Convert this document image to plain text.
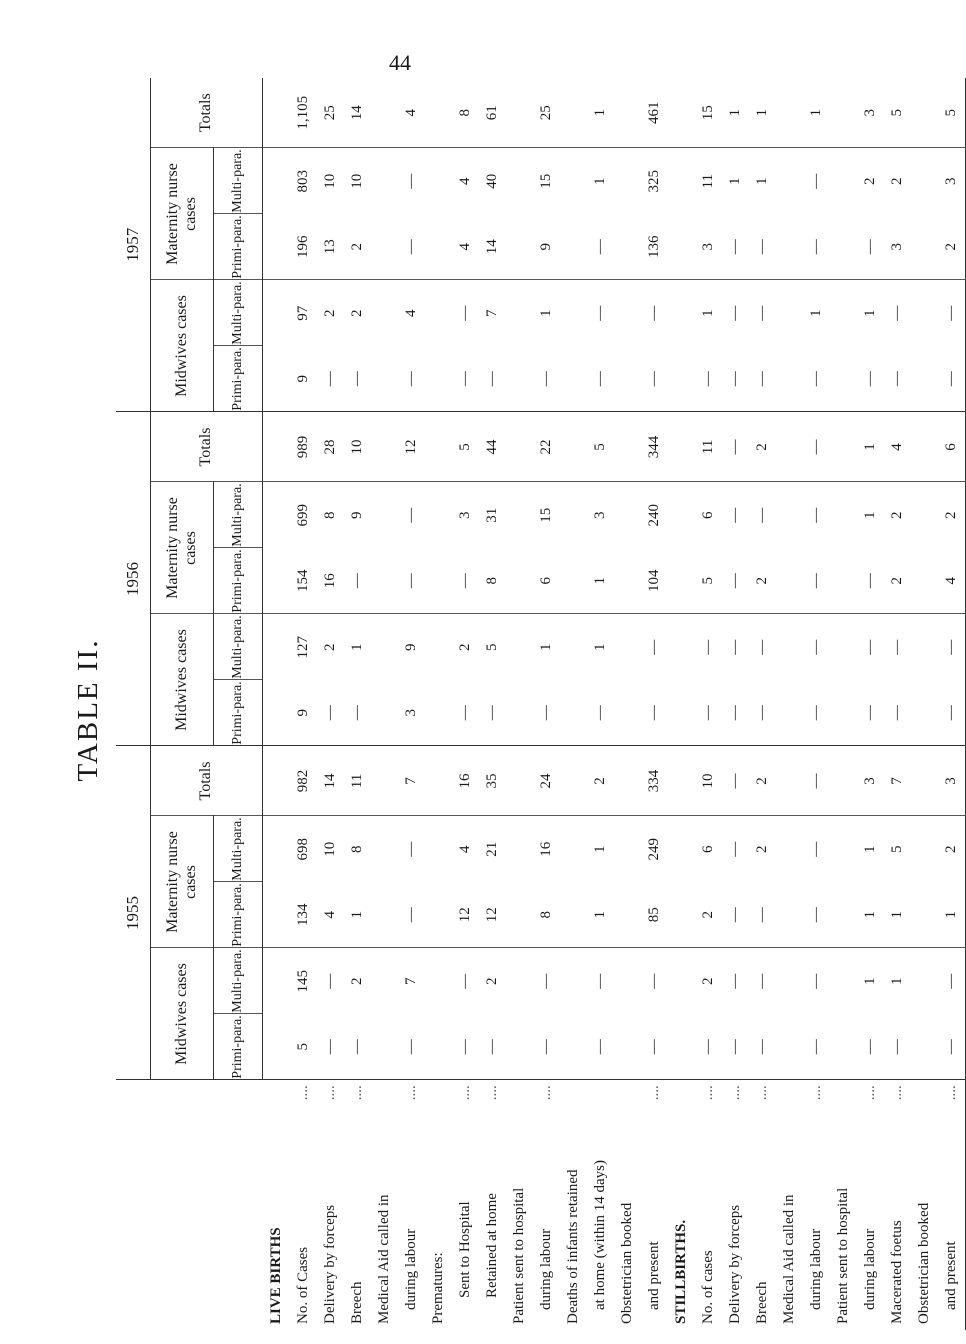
44
TABLE II.
		1955					1956					1957				
		Midwives cases		Maternity nurse cases		Totals	Midwives cases		Maternity nurse cases		Totals	Midwives cases		Maternity nurse cases		Totals
		Primi-para.	Multi-para.	Primi-para.	Multi-para.		Primi-para.	Multi-para.	Primi-para.	Multi-para.		Primi-para.	Multi-para.	Primi-para.	Multi-para.	
LIVE BIRTHS																
No. of Cases	....	5	145	134	698	982	9	127	154	699	989	9	97	196	803	1,105
Delivery by forceps	....	—	—	4	10	14	—	2	16	8	28	—	2	13	10	25
Breech	....	—	2	1	8	11	—	1	—	9	10	—	2	2	10	14
Medical Aid called in																
during labour	....	—	7	—	—	7	3	9	—	—	12	—	4	—	—	4
Prematures:																
Sent to Hospital	....	—	—	12	4	16	—	2	—	3	5	—	—	4	4	8
Retained at home	....	—	2	12	21	35	—	5	8	31	44	—	7	14	40	61
Patient sent to hospital																
during labour	....	—	—	8	16	24	—	1	6	15	22	—	1	9	15	25
Deaths of infants retained																
at home (within 14 days)		—	—	1	1	2	—	1	1	3	5	—	—	—	1	1
Obstetrician booked																
and present	....	—	—	85	249	334	—	—	104	240	344	—	—	136	325	461
STILLBIRTHS.																
No. of cases	....	—	2	2	6	10	—	—	5	6	11	—	1	3	11	15
Delivery by forceps	....	—	—	—	—	—	—	—	—	—	—	—	—	—	1	1
Breech	....	—	—	—	2	2	—	—	2	—	2	—	—	—	1	1
Medical Aid called in																
during labour	....	—	—	—	—	—	—	—	—	—	—	—	1	—	—	1
Patient sent to hospital																
during labour	....	—	1	1	1	3	—	—	—	1	1	—	1	—	2	3
Macerated foetus	....	—	1	1	5	7	—	—	2	2	4	—	—	3	2	5
Obstetrician booked																
and present	....	—	—	1	2	3	—	—	4	2	6	—	—	2	3	5
